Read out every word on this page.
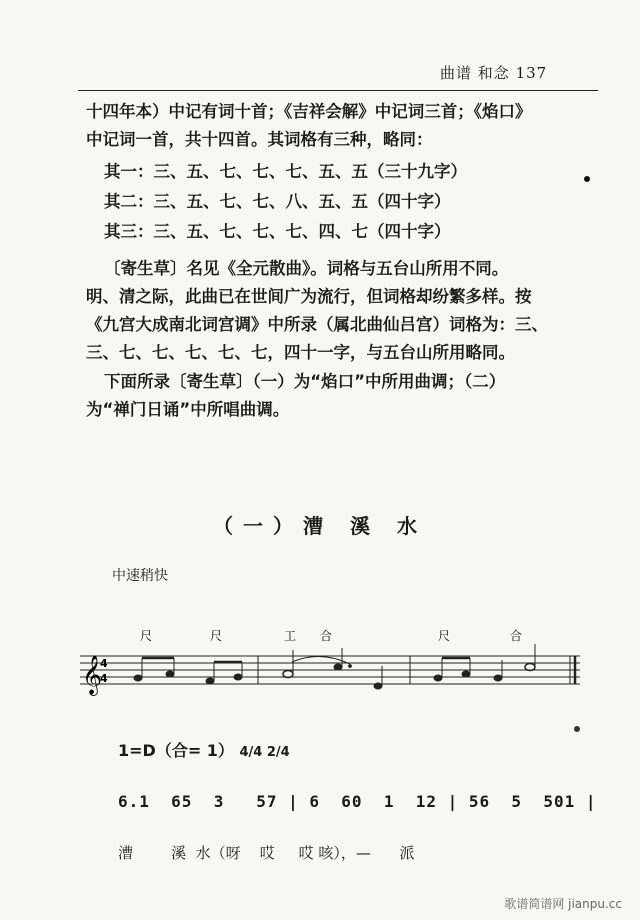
曲谱 和念 137
十四年本）中记有词十首；《吉祥会解》中记词三首；《焰口》
中记词一首，共十四首。其词格有三种，略同：
其一：三、五、七、七、七、五、五（三十九字）
其二：三、五、七、七、八、五、五（四十字）
其三：三、五、七、七、七、四、七（四十字）
〔寄生草〕名见《全元散曲》。词格与五台山所用不同。
明、清之际，此曲已在世间广为流行，但词格却纷繁多样。按
《九宫大成南北词宫调》中所录（属北曲仙吕宫）词格为：三、
三、七、七、七、七、七，四十一字，与五台山所用略同。
下面所录〔寄生草〕（一）为“焰口”中所用曲调；（二）
为“禅门日诵”中所唱曲调。
（一）漕 溪 水
中速稍快
𝄞
4
4
尺	尺	工 合	尺	合
1=D（合= 1） 4/4 2/4
6.1  65  3   57 | 6  60  1  12 | 56  5  501 |
漕        溪  水（呀    哎     哎 咳），—      派
歌谱简谱网 jianpu.cc
